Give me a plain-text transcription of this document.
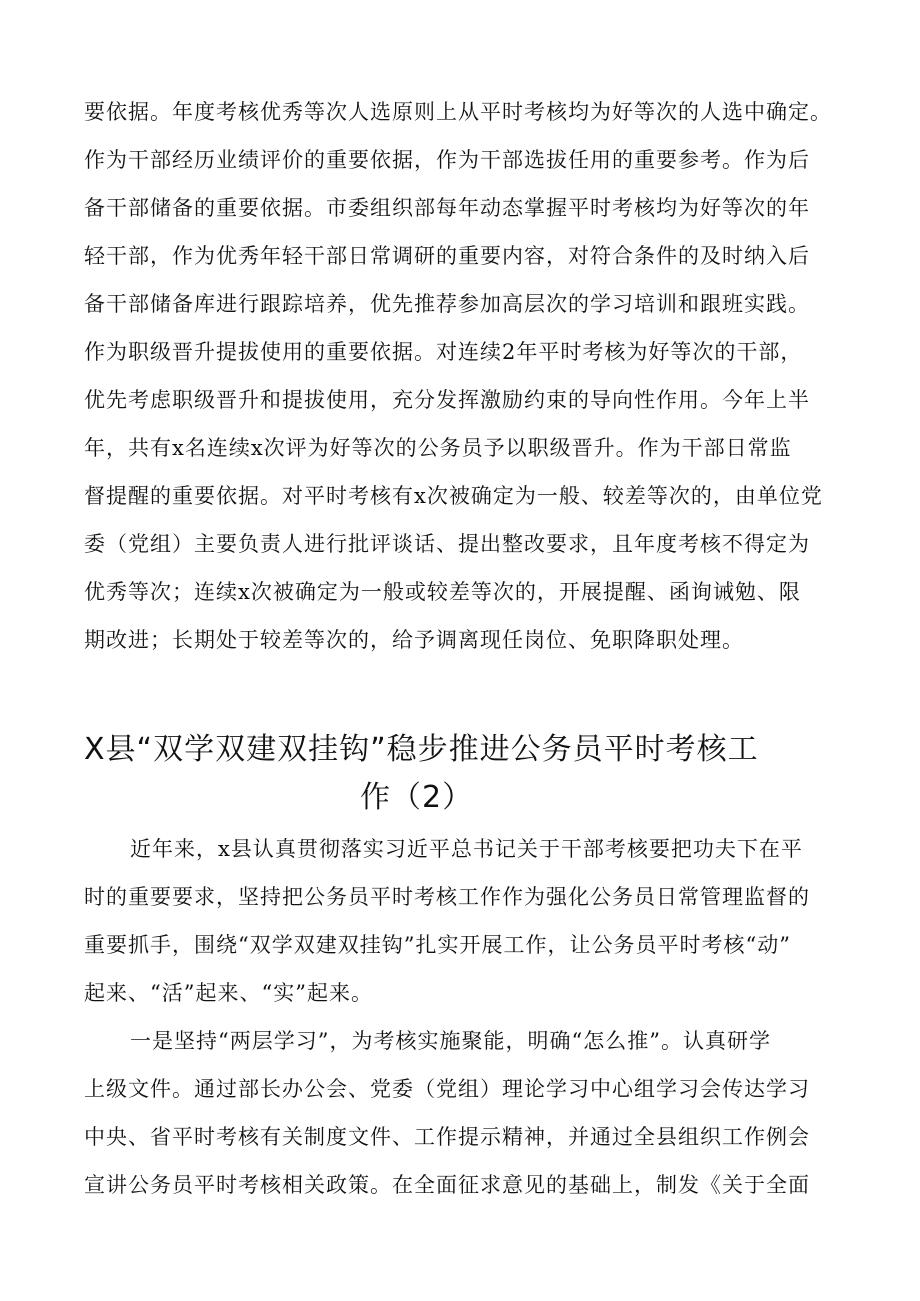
要依据。年度考核优秀等次人选原则上从平时考核均为好等次的人选中确定。
作为干部经历业绩评价的重要依据，作为干部选拔任用的重要参考。作为后
备干部储备的重要依据。市委组织部每年动态掌握平时考核均为好等次的年
轻干部，作为优秀年轻干部日常调研的重要内容，对符合条件的及时纳入后
备干部储备库进行跟踪培养，优先推荐参加高层次的学习培训和跟班实践。
作为职级晋升提拔使用的重要依据。对连续2年平时考核为好等次的干部，
优先考虑职级晋升和提拔使用，充分发挥激励约束的导向性作用。今年上半
年，共有x名连续x次评为好等次的公务员予以职级晋升。作为干部日常监
督提醒的重要依据。对平时考核有x次被确定为一般、较差等次的，由单位党
委（党组）主要负责人进行批评谈话、提出整改要求，且年度考核不得定为
优秀等次；连续x次被确定为一般或较差等次的，开展提醒、函询诫勉、限
期改进；长期处于较差等次的，给予调离现任岗位、免职降职处理。
X县“双学双建双挂钩”稳步推进公务员平时考核工
作（2）
近年来，x县认真贯彻落实习近平总书记关于干部考核要把功夫下在平
时的重要要求，坚持把公务员平时考核工作作为强化公务员日常管理监督的
重要抓手，围绕“双学双建双挂钩”扎实开展工作，让公务员平时考核“动”
起来、“活”起来、“实”起来。
一是坚持“两层学习”，为考核实施聚能，明确“怎么推”。认真研学
上级文件。通过部长办公会、党委（党组）理论学习中心组学习会传达学习
中央、省平时考核有关制度文件、工作提示精神，并通过全县组织工作例会
宣讲公务员平时考核相关政策。在全面征求意见的基础上，制发《关于全面
